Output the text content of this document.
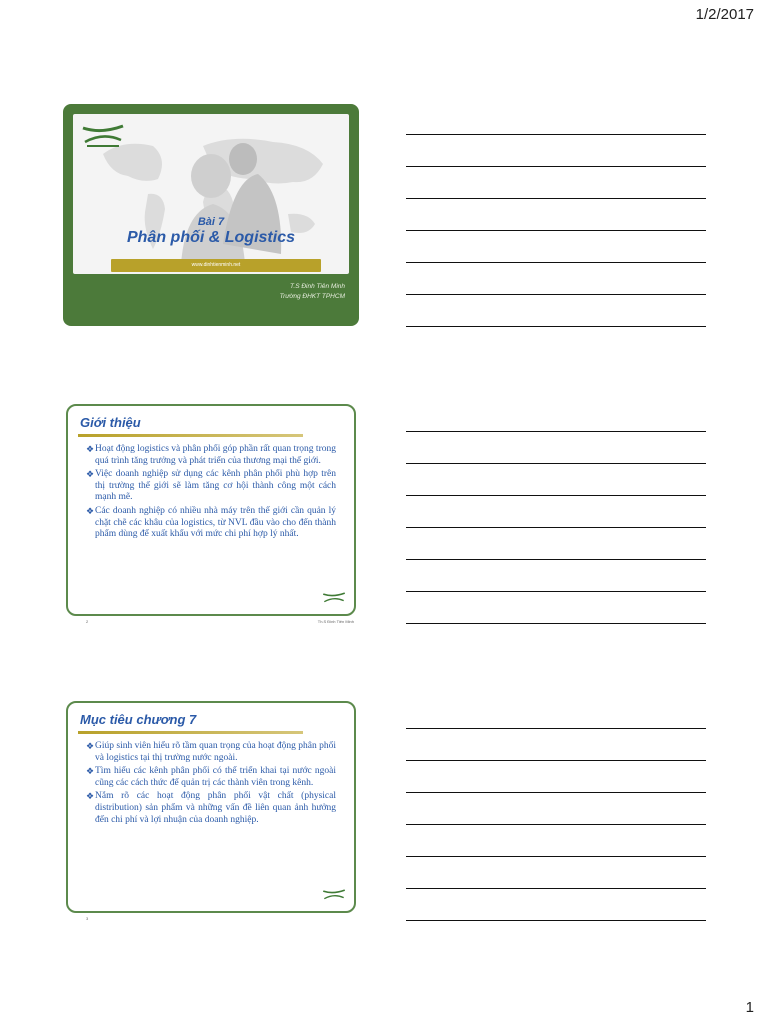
1/2/2017
Bài 7
Phân phối & Logistics
www.dinhtienminh.net
T.S Đinh Tiên Minh
Trường ĐHKT TPHCM
Giới thiệu
❖ Hoạt động logistics và phân phối góp phần rất quan trọng trong quá trình tăng trưởng và phát triển của thương mại thế giới.
❖ Việc doanh nghiệp sử dụng các kênh phân phối phù hợp trên thị trường thế giới sẽ làm tăng cơ hội thành công một cách mạnh mẽ.
❖ Các doanh nghiệp có nhiều nhà máy trên thế giới cần quản lý chặt chẽ các khâu của logistics, từ NVL đầu vào cho đến thành phẩm dùng để xuất khẩu với mức chi phí hợp lý nhất.
2	Th.S Đinh Tiên Minh
Mục tiêu chương 7
❖ Giúp sinh viên hiểu rõ tầm quan trọng của hoạt động phân phối và logistics tại thị trường nước ngoài.
❖ Tìm hiểu các kênh phân phối có thể triển khai tại nước ngoài cũng các cách thức để quản trị các thành viên trong kênh.
❖ Nắm rõ các hoạt động phân phối vật chất (physical distribution) sản phẩm và những vấn đề liên quan ảnh hưởng đến chi phí và lợi nhuận của doanh nghiệp.
3
1
